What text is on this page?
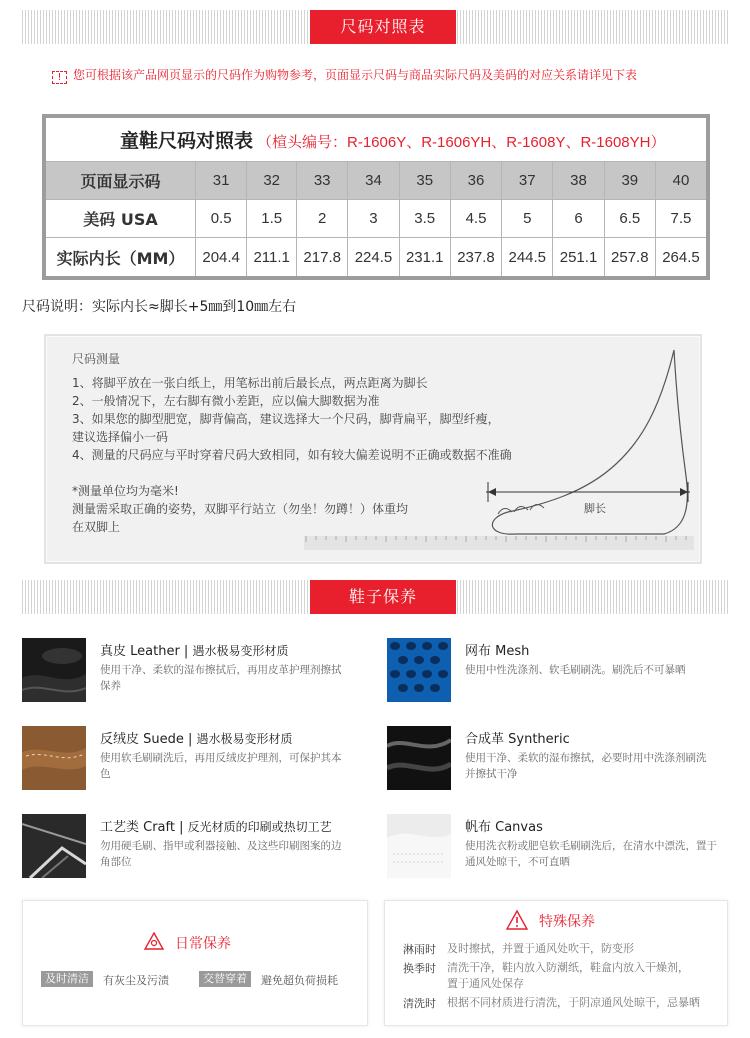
尺码对照表
! 您可根据该产品网页显示的尺码作为购物参考，页面显示尺码与商品实际尺码及美码的对应关系请详见下表
童鞋尺码对照表 （楦头编号：R-1606Y、R-1606YH、R-1608Y、R-1608YH）										
页面显示码	31	32	33	34	35	36	37	38	39	40
美码 USA	0.5	1.5	2	3	3.5	4.5	5	6	6.5	7.5
实际内长（MM）	204.4	211.1	217.8	224.5	231.1	237.8	244.5	251.1	257.8	264.5
尺码说明：实际内长≈脚长+5㎜到10㎜左右
尺码测量
1、将脚平放在一张白纸上，用笔标出前后最长点，两点距离为脚长
2、一般情况下，左右脚有微小差距，应以偏大脚数据为准
3、如果您的脚型肥宽，脚背偏高，建议选择大一个尺码，脚背扁平，脚型纤瘦，
建议选择偏小一码
4、测量的尺码应与平时穿着尺码大致相同，如有较大偏差说明不正确或数据不准确
*测量单位均为毫米!
测量需采取正确的姿势，双脚平行站立（勿坐！勿蹲！）体重均
在双脚上
脚长
鞋子保养
真皮 Leather | 遇水极易变形材质
使用干净、柔软的湿布擦拭后，再用皮革护理剂擦拭保养
网布 Mesh
使用中性洗涤剂、软毛刷刷洗。刷洗后不可暴晒
反绒皮 Suede | 遇水极易变形材质
使用软毛刷刷洗后，再用反绒皮护理剂，可保护其本色
合成革 Syntheric
使用干净、柔软的湿布擦拭，必要时用中洗涤剂刷洗并擦拭干净
工艺类 Craft | 反光材质的印刷或热切工艺
勿用硬毛刷、指甲或利器接触、及这些印刷图案的边角部位
帆布 Canvas
使用洗衣粉或肥皂软毛刷刷洗后，在清水中漂洗，置于通风处晾干，不可直晒
日常保养
及时清洁	有灰尘及污渍	交替穿着	避免超负荷损耗
特殊保养
淋雨时 及时擦拭，并置于通风处吹干，防变形
换季时 清洗干净，鞋内放入防潮纸，鞋盒内放入干燥剂，
置于通风处保存
清洗时 根据不同材质进行清洗，于阴凉通风处晾干，忌暴晒
